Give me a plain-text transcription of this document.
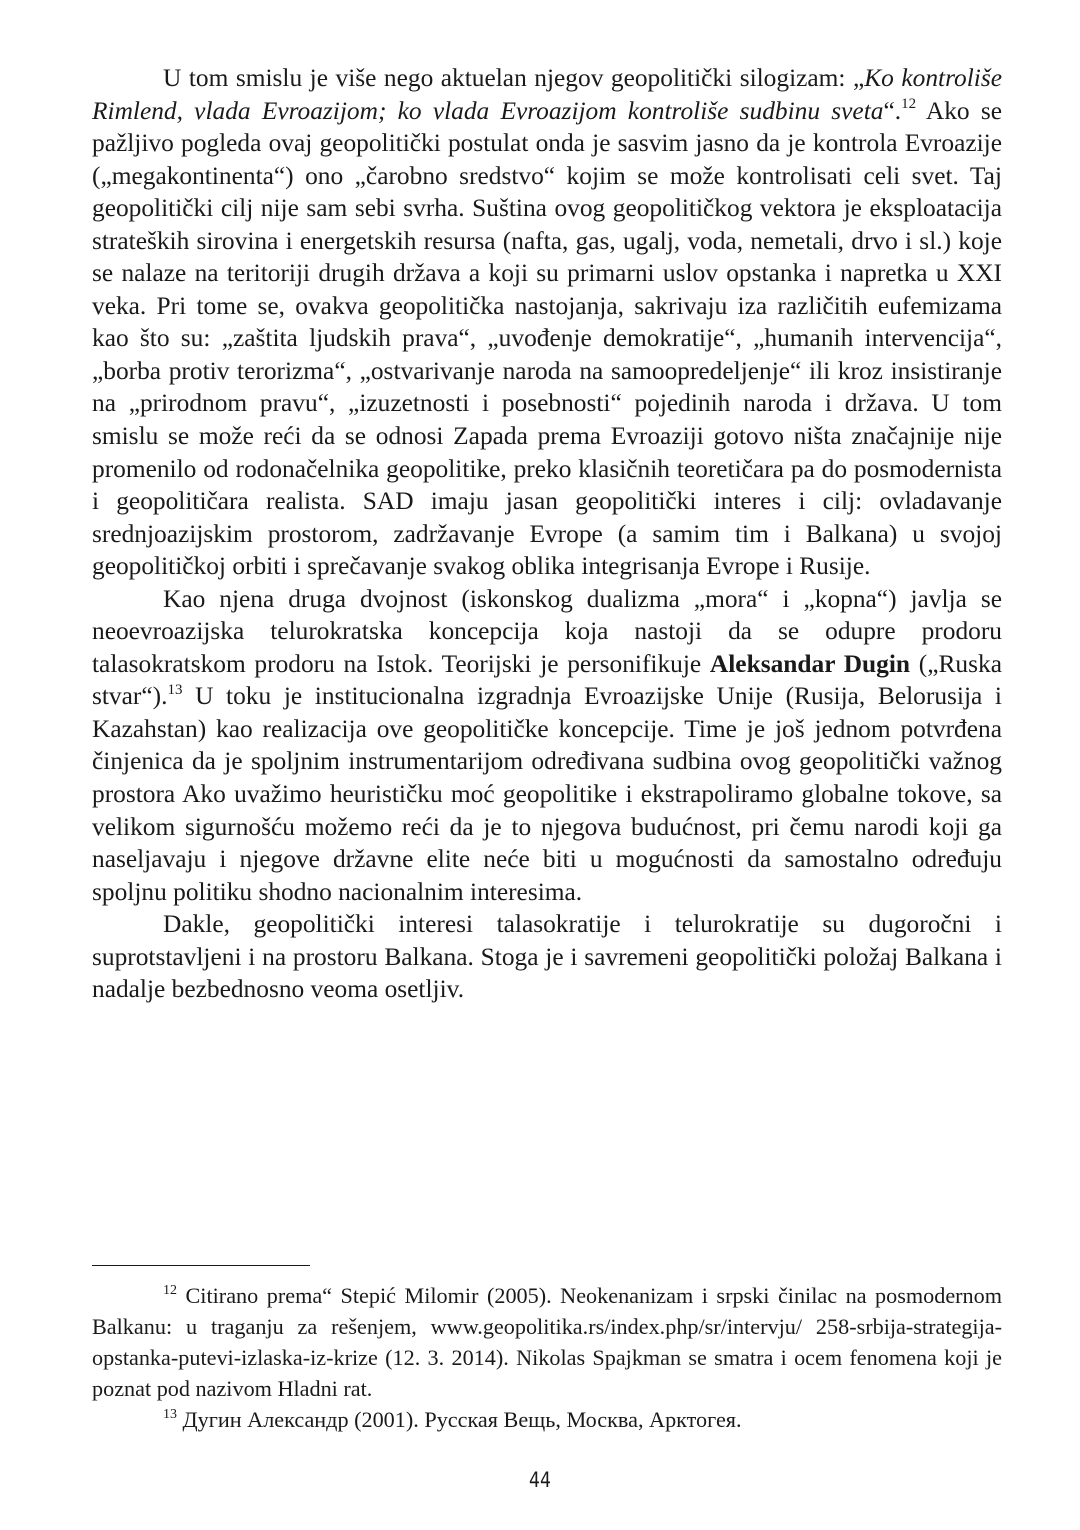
U tom smislu je više nego aktuelan njegov geopolitički silogizam: „Ko kontroliše Rimlend, vlada Evroazijom; ko vlada Evroazijom kontroliše sudbinu sveta“.$^{12}$ Ako se pažljivo pogleda ovaj geopolitički postulat onda je sasvim jasno da je kontrola Evroazije („megakontinenta“) ono „čarobno sredstvo“ kojim se može kontrolisati celi svet. Taj geopolitički cilj nije sam sebi svrha. Suština ovog geopolitičkog vektora je eksploatacija strateških sirovina i energetskih resursa (nafta, gas, ugalj, voda, nemetali, drvo i sl.) koje se nalaze na teritoriji drugih država a koji su primarni uslov opstanka i napretka u XXI veka. Pri tome se, ovakva geopolitička nastojanja, sakrivaju iza različitih eufemizama kao što su: „zaštita ljudskih prava“, „uvođenje demokratije“, „humanih intervencija“, „borba protiv terorizma“, „ostvarivanje naroda na samoopredeljenje“ ili kroz insistiranje na „prirodnom pravu“, „izuzetnosti i posebnosti“ pojedinih naroda i država. U tom smislu se može reći da se odnosi Zapada prema Evroaziji gotovo ništa značajnije nije promenilo od rodonačelnika geopolitike, preko klasičnih teoretičara pa do posmodernista i geopolitičara realista. SAD imaju jasan geopolitički interes i cilj: ovladavanje srednjoazijskim prostorom, zadržavanje Evrope (a samim tim i Balkana) u svojoj geopolitičkoj orbiti i sprečavanje svakog oblika integrisanja Evrope i Rusije.

Kao njena druga dvojnost (iskonskog dualizma „mora“ i „kopna“) javlja se neoevroazijska telurokratska koncepcija koja nastoji da se odupre prodoru talasokratskom prodoru na Istok. Teorijski je personifikuje Aleksandar Dugin („Ruska stvar“).$^{13}$ U toku je institucionalna izgradnja Evroazijske Unije (Rusija, Belorusija i Kazahstan) kao realizacija ove geopolitičke koncepcije. Time je još jednom potvrđena činjenica da je spoljnim instrumentarijom određivana sudbina ovog geopolitički važnog prostora Ako uvažimo heurističku moć geopolitike i ekstrapoliramo globalne tokove, sa velikom sigurnošću možemo reći da je to njegova budućnost, pri čemu narodi koji ga naseljavaju i njegove državne elite neće biti u mogućnosti da samostalno određuju spoljnu politiku shodno nacionalnim interesima.

Dakle, geopolitički interesi talasokratije i telurokratije su dugoročni i suprotstavljeni i na prostoru Balkana. Stoga je i savremeni geopolitički položaj Balkana i nadalje bezbednosno veoma osetljiv.

$^{12}$ Citirano prema“ Stepić Milomir (2005). Neokenanizam i srpski činilac na posmodernom Balkanu: u traganju za rešenjem, www.geopolitika.rs/index.php/sr/intervju/ 258-srbija-strategija-opstanka-putevi-izlaska-iz-krize (12. 3. 2014). Nikolas Spajkman se smatra i ocem fenomena koji je poznat pod nazivom Hladni rat.

$^{13}$ Дугин Александр (2001). Русская Вещь, Москва, Арктогея.

44
